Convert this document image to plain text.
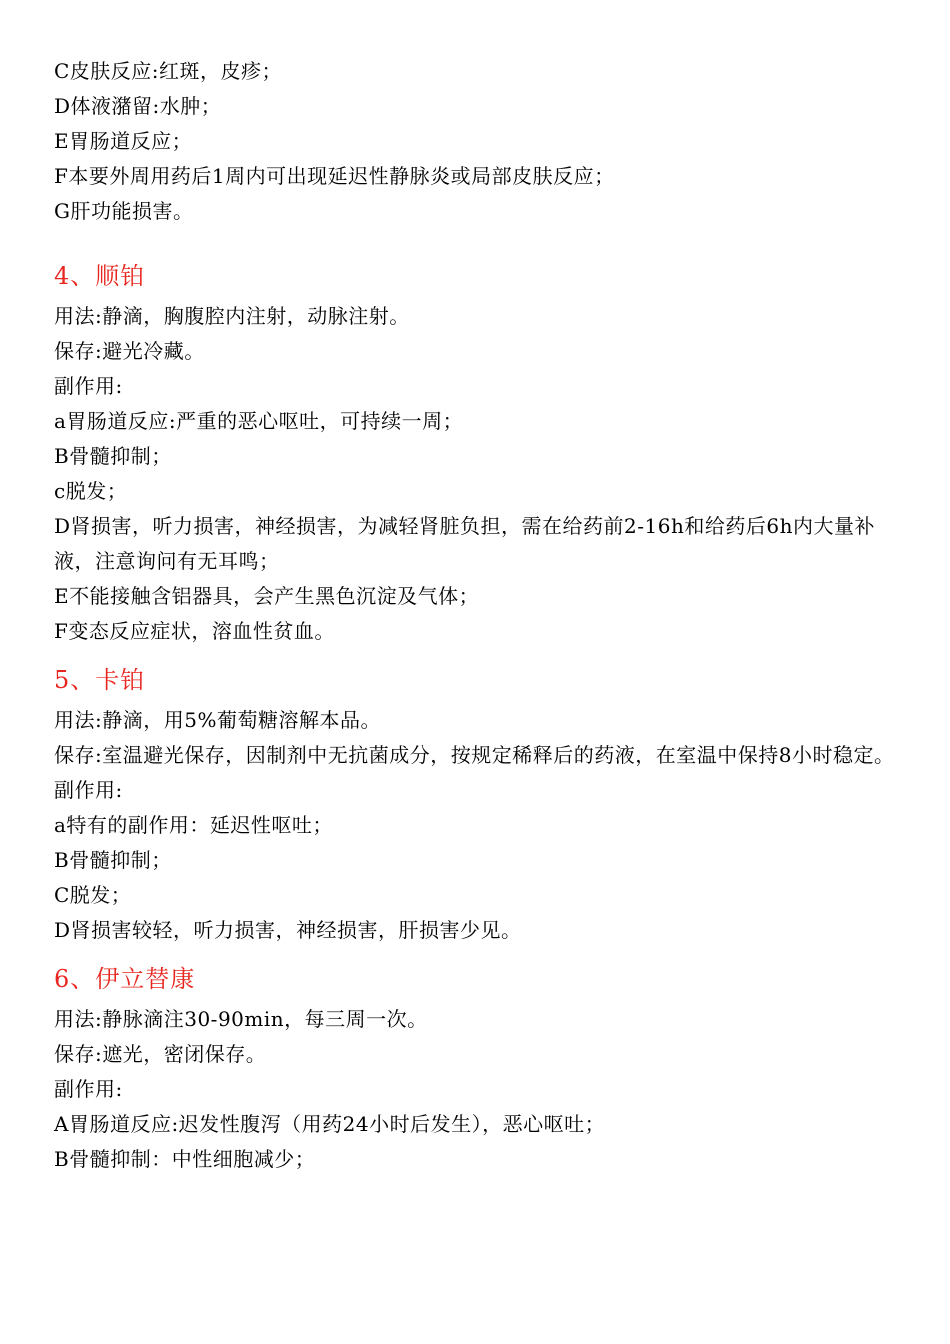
C皮肤反应:红斑，皮疹；
D体液潴留:水肿；
E胃肠道反应；
F本要外周用药后1周内可出现延迟性静脉炎或局部皮肤反应；
G肝功能损害。
4、顺铂
用法:静滴，胸腹腔内注射，动脉注射。
保存:避光冷藏。
副作用:
a胃肠道反应:严重的恶心呕吐，可持续一周；
B骨髓抑制；
c脱发；
D肾损害，听力损害，神经损害，为减轻肾脏负担，需在给药前2-16h和给药后6h内大量补液，注意询问有无耳鸣；
E不能接触含铝器具，会产生黑色沉淀及气体；
F变态反应症状，溶血性贫血。
5、卡铂
用法:静滴，用5%葡萄糖溶解本品。
保存:室温避光保存，因制剂中无抗菌成分，按规定稀释后的药液，在室温中保持8小时稳定。
副作用:
a特有的副作用：延迟性呕吐；
B骨髓抑制；
C脱发；
D肾损害较轻，听力损害，神经损害，肝损害少见。
6、伊立替康
用法:静脉滴注30-90min，每三周一次。
保存:遮光，密闭保存。
副作用:
A胃肠道反应:迟发性腹泻（用药24小时后发生），恶心呕吐；
B骨髓抑制：中性细胞减少；
